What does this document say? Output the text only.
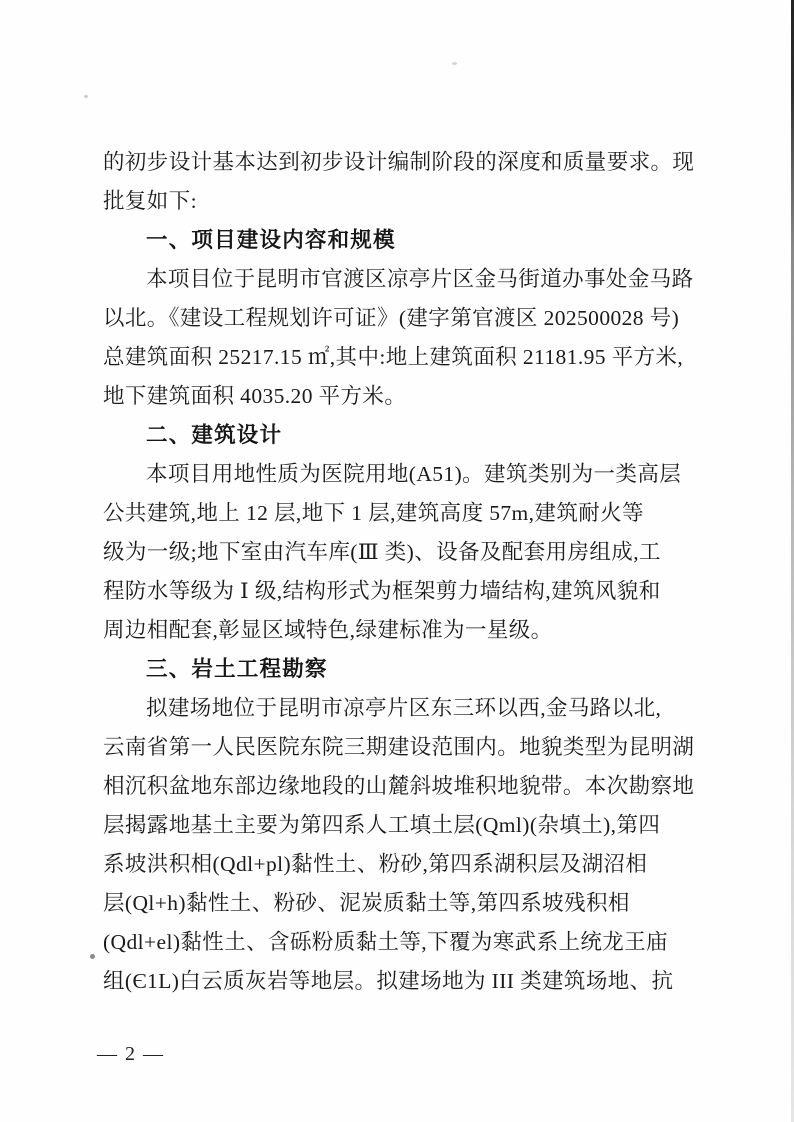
的初步设计基本达到初步设计编制阶段的深度和质量要求。现
批复如下:
一、项目建设内容和规模
本项目位于昆明市官渡区凉亭片区金马街道办事处金马路
以北。《建设工程规划许可证》(建字第官渡区 202500028 号)
总建筑面积 25217.15 ㎡,其中:地上建筑面积 21181.95 平方米,
地下建筑面积 4035.20 平方米。
二、建筑设计
本项目用地性质为医院用地(A51)。建筑类别为一类高层
公共建筑,地上 12 层,地下 1 层,建筑高度 57m,建筑耐火等
级为一级;地下室由汽车库(Ⅲ 类)、设备及配套用房组成,工
程防水等级为 Ⅰ 级,结构形式为框架剪力墙结构,建筑风貌和
周边相配套,彰显区域特色,绿建标准为一星级。
三、岩土工程勘察
拟建场地位于昆明市凉亭片区东三环以西,金马路以北,
云南省第一人民医院东院三期建设范围内。地貌类型为昆明湖
相沉积盆地东部边缘地段的山麓斜坡堆积地貌带。本次勘察地
层揭露地基土主要为第四系人工填土层(Qml)(杂填土),第四
系坡洪积相(Qdl+pl)黏性土、粉砂,第四系湖积层及湖沼相
层(Ql+h)黏性土、粉砂、泥炭质黏土等,第四系坡残积相
(Qdl+el)黏性土、含砾粉质黏土等,下覆为寒武系上统龙王庙
组(Є1L)白云质灰岩等地层。拟建场地为 III 类建筑场地、抗
— 2 —
